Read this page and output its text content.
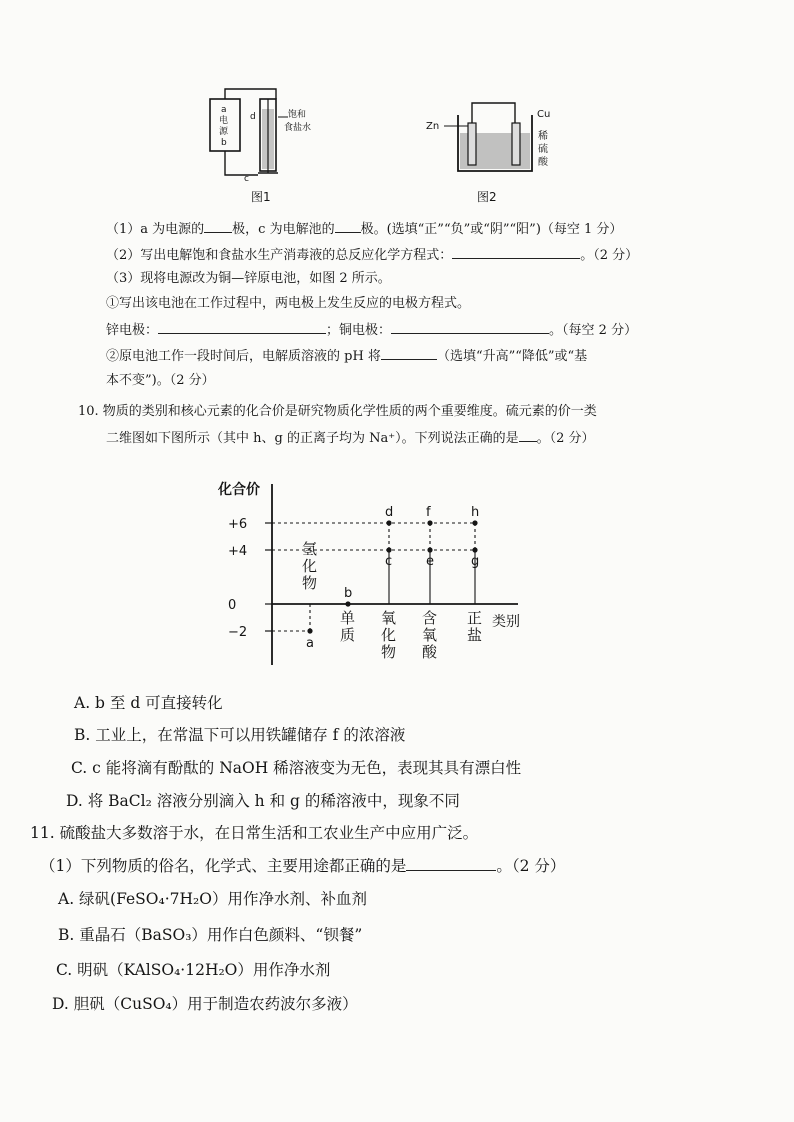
a
电
源
b
d
c
饱和
食盐水
图1
Zn
Cu
稀
硫
酸
图2
（1）a 为电源的 极，c 为电解池的 极。(选填“正”“负”或“阴”“阳”)（每空 1 分）
（2）写出电解饱和食盐水生产消毒液的总反应化学方程式：	。（2 分）
（3）现将电源改为铜—锌原电池，如图 2 所示。
①写出该电池在工作过程中，两电极上发生反应的电极方程式。
锌电极：	；铜电极：	。（每空 2 分）
②原电池工作一段时间后，电解质溶液的 pH 将	（选填“升高”“降低”或“基
本不变”)。（2 分）
10. 物质的类别和核心元素的化合价是研究物质化学性质的两个重要维度。硫元素的价一类
二维图如下图所示（其中 h、g 的正离子均为 Na⁺）。下列说法正确的是 。（2 分）
化合价
类别
+6
+4
0
−2
氢
化
物
单
质
氧
化
物
含
氧
酸
正
盐
a
b
c
d
e
f
g
h
A. b 至 d 可直接转化
B. 工业上，在常温下可以用铁罐储存 f 的浓溶液
C. c 能将滴有酚酞的 NaOH 稀溶液变为无色，表现其具有漂白性
D. 将 BaCl₂ 溶液分别滴入 h 和 g 的稀溶液中，现象不同
11. 硫酸盐大多数溶于水，在日常生活和工农业生产中应用广泛。
（1）下列物质的俗名，化学式、主要用途都正确的是	。（2 分）
A. 绿矾(FeSO₄·7H₂O）用作净水剂、补血剂
B. 重晶石（BaSO₃）用作白色颜料、“钡餐”
C. 明矾（KAlSO₄·12H₂O）用作净水剂
D. 胆矾（CuSO₄）用于制造农药波尔多液）
